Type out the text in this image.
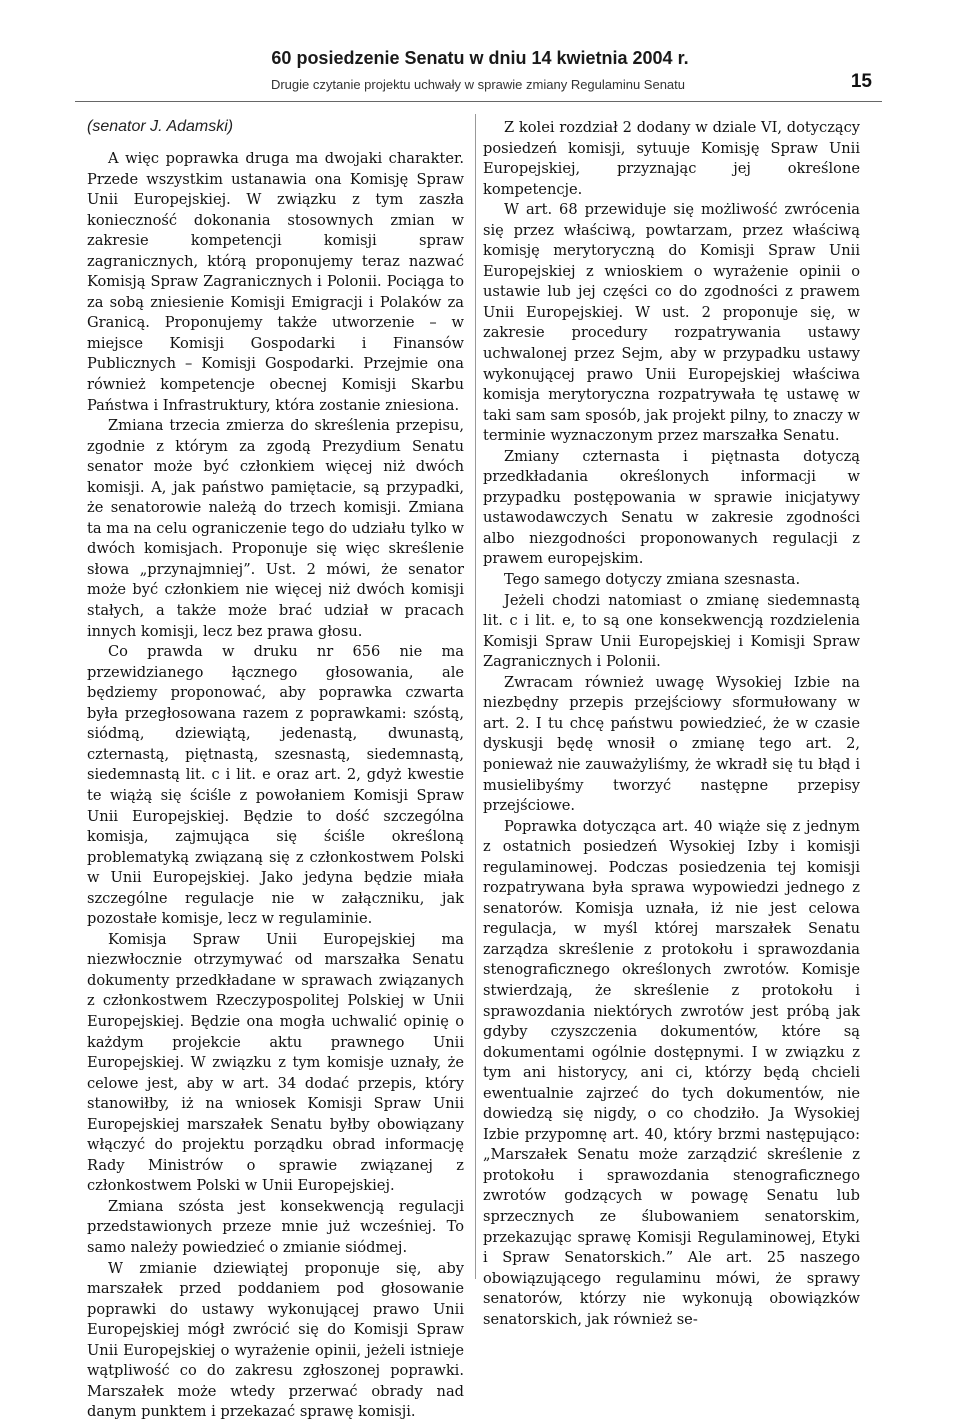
60 posiedzenie Senatu w dniu 14 kwietnia 2004 r.
Drugie czytanie projektu uchwały w sprawie zmiany Regulaminu Senatu	15
(senator J. Adamski)

A więc poprawka druga ma dwojaki charakter. Przede wszystkim ustanawia ona Komisję Spraw Unii Europejskiej. W związku z tym zaszła konieczność dokonania stosownych zmian w zakresie kompetencji komisji spraw zagranicznych, którą proponujemy teraz nazwać Komisją Spraw Zagranicznych i Polonii. Pociąga to za sobą zniesienie Komisji Emigracji i Polaków za Granicą. Proponujemy także utworzenie – w miejsce Komisji Gospodarki i Finansów Publicznych – Komisji Gospodarki. Przejmie ona również kompetencje obecnej Komisji Skarbu Państwa i Infrastruktury, która zostanie zniesiona.

Zmiana trzecia zmierza do skreślenia przepisu, zgodnie z którym za zgodą Prezydium Senatu senator może być członkiem więcej niż dwóch komisji. A, jak państwo pamiętacie, są przypadki, że senatorowie należą do trzech komisji. Zmiana ta ma na celu ograniczenie tego do udziału tylko w dwóch komisjach. Proponuje się więc skreślenie słowa „przynajmniej”. Ust. 2 mówi, że senator może być członkiem nie więcej niż dwóch komisji stałych, a także może brać udział w pracach innych komisji, lecz bez prawa głosu.

Co prawda w druku nr 656 nie ma przewidzianego łącznego głosowania, ale będziemy proponować, aby poprawka czwarta była przegłosowana razem z poprawkami: szóstą, siódmą, dziewiątą, jedenastą, dwunastą, czternastą, piętnastą, szesnastą, siedemnastą, siedemnastą lit. c i lit. e oraz art. 2, gdyż kwestie te wiążą się ściśle z powołaniem Komisji Spraw Unii Europejskiej. Będzie to dość szczególna komisja, zajmująca się ściśle określoną problematyką związaną się z członkostwem Polski w Unii Europejskiej. Jako jedyna będzie miała szczególne regulacje nie w załączniku, jak pozostałe komisje, lecz w regulaminie.

Komisja Spraw Unii Europejskiej ma niezwłocznie otrzymywać od marszałka Senatu dokumenty przedkładane w sprawach związanych z członkostwem Rzeczypospolitej Polskiej w Unii Europejskiej. Będzie ona mogła uchwalić opinię o każdym projekcie aktu prawnego Unii Europejskiej. W związku z tym komisje uznały, że celowe jest, aby w art. 34 dodać przepis, który stanowiłby, iż na wniosek Komisji Spraw Unii Europejskiej marszałek Senatu byłby obowiązany włączyć do projektu porządku obrad informację Rady Ministrów o sprawie związanej z członkostwem Polski w Unii Europejskiej.

Zmiana szósta jest konsekwencją regulacji przedstawionych przeze mnie już wcześniej. To samo należy powiedzieć o zmianie siódmej.

W zmianie dziewiątej proponuje się, aby marszałek przed poddaniem pod głosowanie poprawki do ustawy wykonującej prawo Unii Europejskiej mógł zwrócić się do Komisji Spraw Unii Europejskiej o wyrażenie opinii, jeżeli istnieje wątpliwość co do zakresu zgłoszonej poprawki. Marszałek może wtedy przerwać obrady nad danym punktem i przekazać sprawę komisji.

Z kolei rozdział 2 dodany w dziale VI, dotyczący posiedzeń komisji, sytuuje Komisję Spraw Unii Europejskiej, przyznając jej określone kompetencje.

W art. 68 przewiduje się możliwość zwrócenia się przez właściwą, powtarzam, przez właściwą komisję merytoryczną do Komisji Spraw Unii Europejskiej z wnioskiem o wyrażenie opinii o ustawie lub jej części co do zgodności z prawem Unii Europejskiej. W ust. 2 proponuje się, w zakresie procedury rozpatrywania ustawy uchwalonej przez Sejm, aby w przypadku ustawy wykonującej prawo Unii Europejskiej właściwa komisja merytoryczna rozpatrywała tę ustawę w taki sam sam sposób, jak projekt pilny, to znaczy w terminie wyznaczonym przez marszałka Senatu.

Zmiany czternasta i piętnasta dotyczą przedkładania określonych informacji w przypadku postępowania w sprawie inicjatywy ustawodawczych Senatu w zakresie zgodności albo niezgodności proponowanych regulacji z prawem europejskim.

Tego samego dotyczy zmiana szesnasta.

Jeżeli chodzi natomiast o zmianę siedemnastą lit. c i lit. e, to są one konsekwencją rozdzielenia Komisji Spraw Unii Europejskiej i Komisji Spraw Zagranicznych i Polonii.

Zwracam również uwagę Wysokiej Izbie na niezbędny przepis przejściowy sformułowany w art. 2. I tu chcę państwu powiedzieć, że w czasie dyskusji będę wnosił o zmianę tego art. 2, ponieważ nie zauważyliśmy, że wkradł się tu błąd i musielibyśmy tworzyć następne przepisy przejściowe.

Poprawka dotycząca art. 40 wiąże się z jednym z ostatnich posiedzeń Wysokiej Izby i komisji regulaminowej. Podczas posiedzenia tej komisji rozpatrywana była sprawa wypowiedzi jednego z senatorów. Komisja uznała, iż nie jest celowa regulacja, w myśl której marszałek Senatu zarządza skreślenie z protokołu i sprawozdania stenograficznego określonych zwrotów. Komisje stwierdzają, że skreślenie z protokołu i sprawozdania niektórych zwrotów jest próbą jak gdyby czyszczenia dokumentów, które są dokumentami ogólnie dostępnymi. I w związku z tym ani historycy, ani ci, którzy będą chcieli ewentualnie zajrzeć do tych dokumentów, nie dowiedzą się nigdy, o co chodziło. Ja Wysokiej Izbie przypomnę art. 40, który brzmi następująco: „Marszałek Senatu może zarządzić skreślenie z protokołu i sprawozdania stenograficznego zwrotów godzących w powagę Senatu lub sprzecznych ze ślubowaniem senatorskim, przekazując sprawę Komisji Regulaminowej, Etyki i Spraw Senatorskich.” Ale art. 25 naszego obowiązującego regulaminu mówi, że sprawy senatorów, którzy nie wykonują obowiązków senatorskich, jak również se-
